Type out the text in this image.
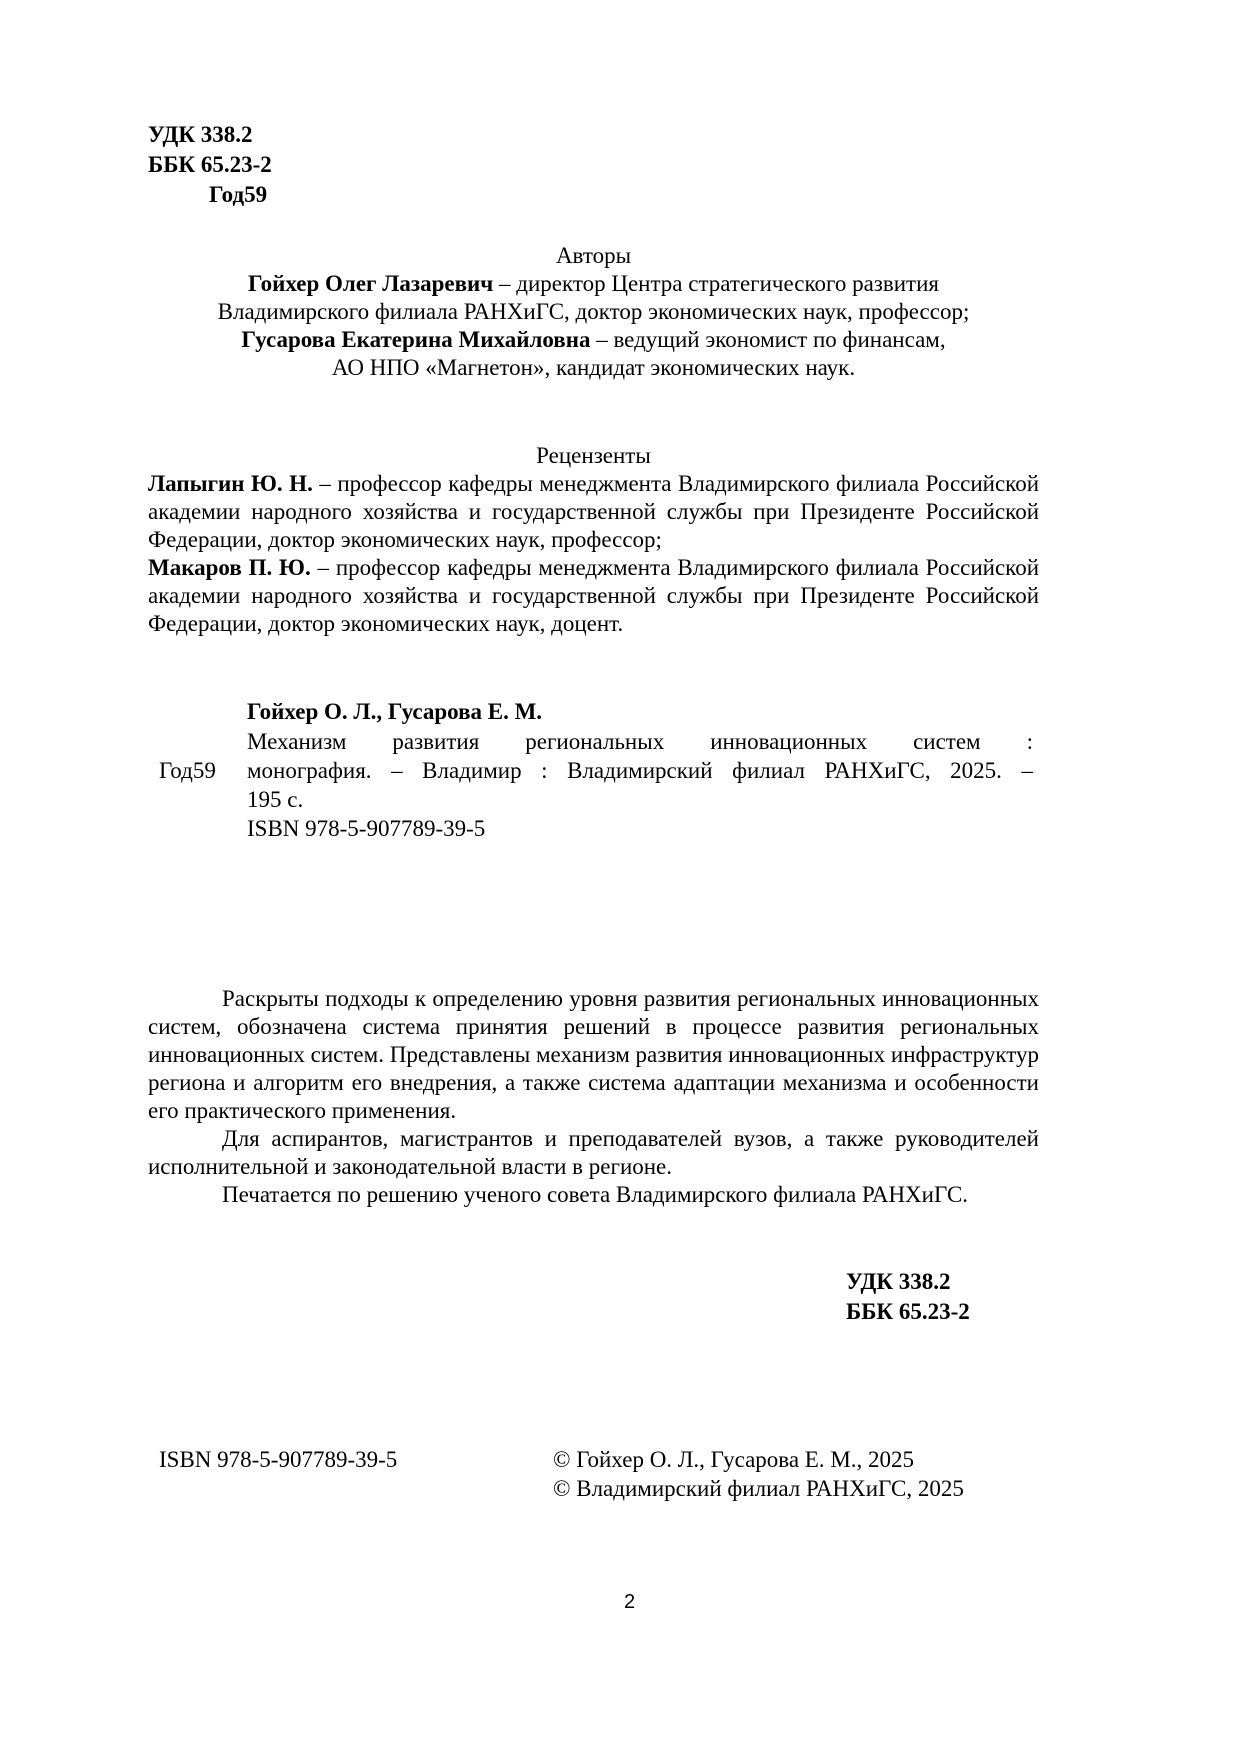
УДК 338.2
ББК 65.23-2
Год59
Авторы
Гойхер Олег Лазаревич – директор Центра стратегического развития
Владимирского филиала РАНХиГС, доктор экономических наук, профессор;
Гусарова Екатерина Михайловна – ведущий экономист по финансам,
АО НПО «Магнетон», кандидат экономических наук.
Рецензенты
Лапыгин Ю. Н. – профессор кафедры менеджмента Владимирского филиала Российской академии народного хозяйства и государственной службы при Президенте Российской Федерации, доктор экономических наук, профессор;
Макаров П. Ю. – профессор кафедры менеджмента Владимирского филиала Российской академии народного хозяйства и государственной службы при Президенте Российской Федерации, доктор экономических наук, доцент.
Гойхер О. Л., Гусарова Е. М.
Механизм развития региональных инновационных систем :
Год59 монография. – Владимир : Владимирский филиал РАНХиГС, 2025. –
195 с.
ISBN 978-5-907789-39-5
Раскрыты подходы к определению уровня развития региональных инновационных систем, обозначена система принятия решений в процессе развития региональных инновационных систем. Представлены механизм развития инновационных инфраструктур региона и алгоритм его внедрения, а также система адаптации механизма и особенности его практического применения.
Для аспирантов, магистрантов и преподавателей вузов, а также руководителей исполнительной и законодательной власти в регионе.
Печатается по решению ученого совета Владимирского филиала РАНХиГС.
УДК 338.2
ББК 65.23-2
ISBN 978-5-907789-39-5	© Гойхер О. Л., Гусарова Е. М., 2025
© Владимирский филиал РАНХиГС, 2025
2
